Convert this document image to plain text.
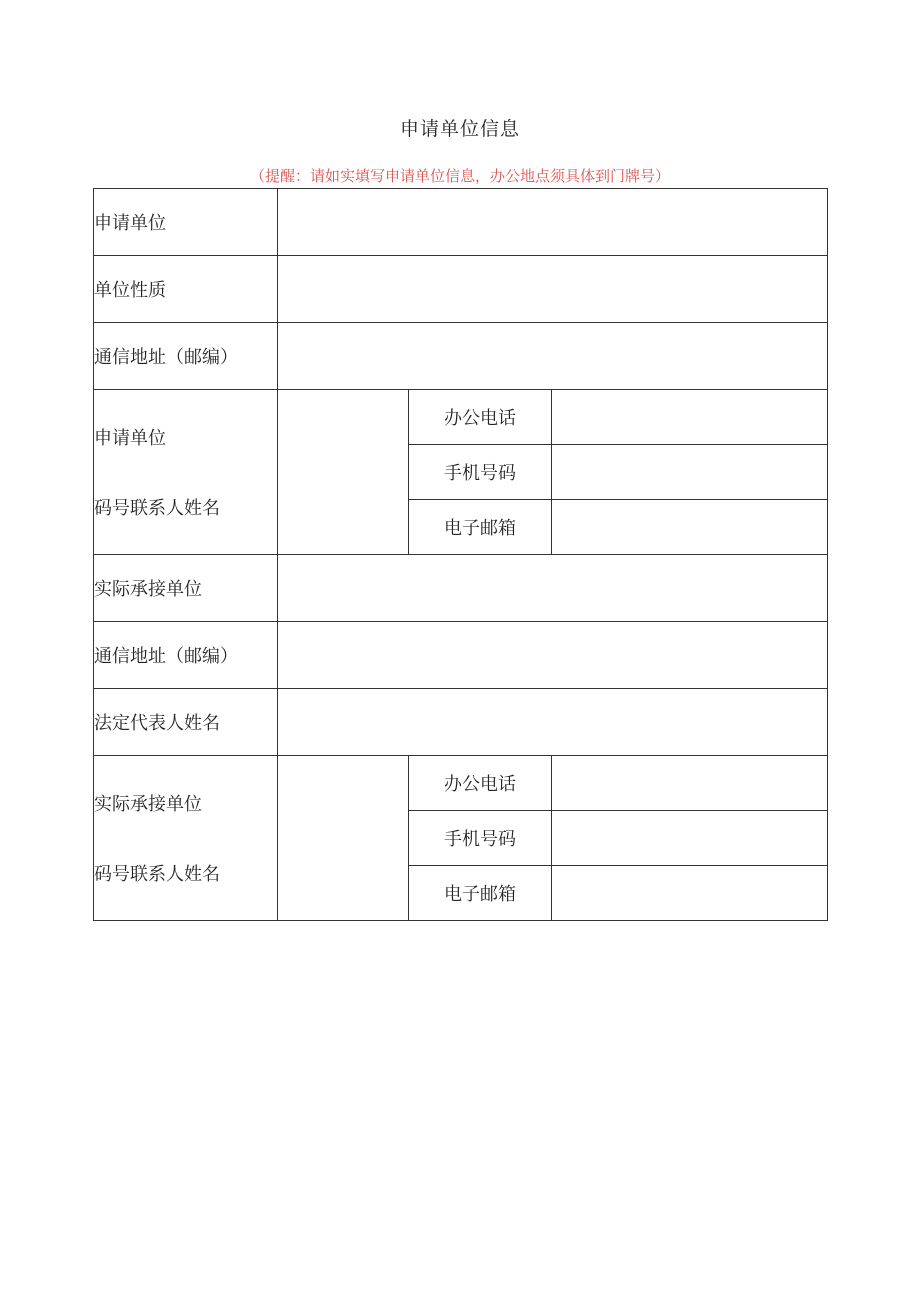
申请单位信息
（提醒：请如实填写申请单位信息，办公地点须具体到门牌号）
申请单位			
单位性质			
通信地址（邮编）			

申请单位
码号联系人姓名		办公电话	
		手机号码	
		电子邮箱	
实际承接单位			
通信地址（邮编）			
法定代表人姓名			

实际承接单位
码号联系人姓名		办公电话	
		手机号码	
		电子邮箱	
